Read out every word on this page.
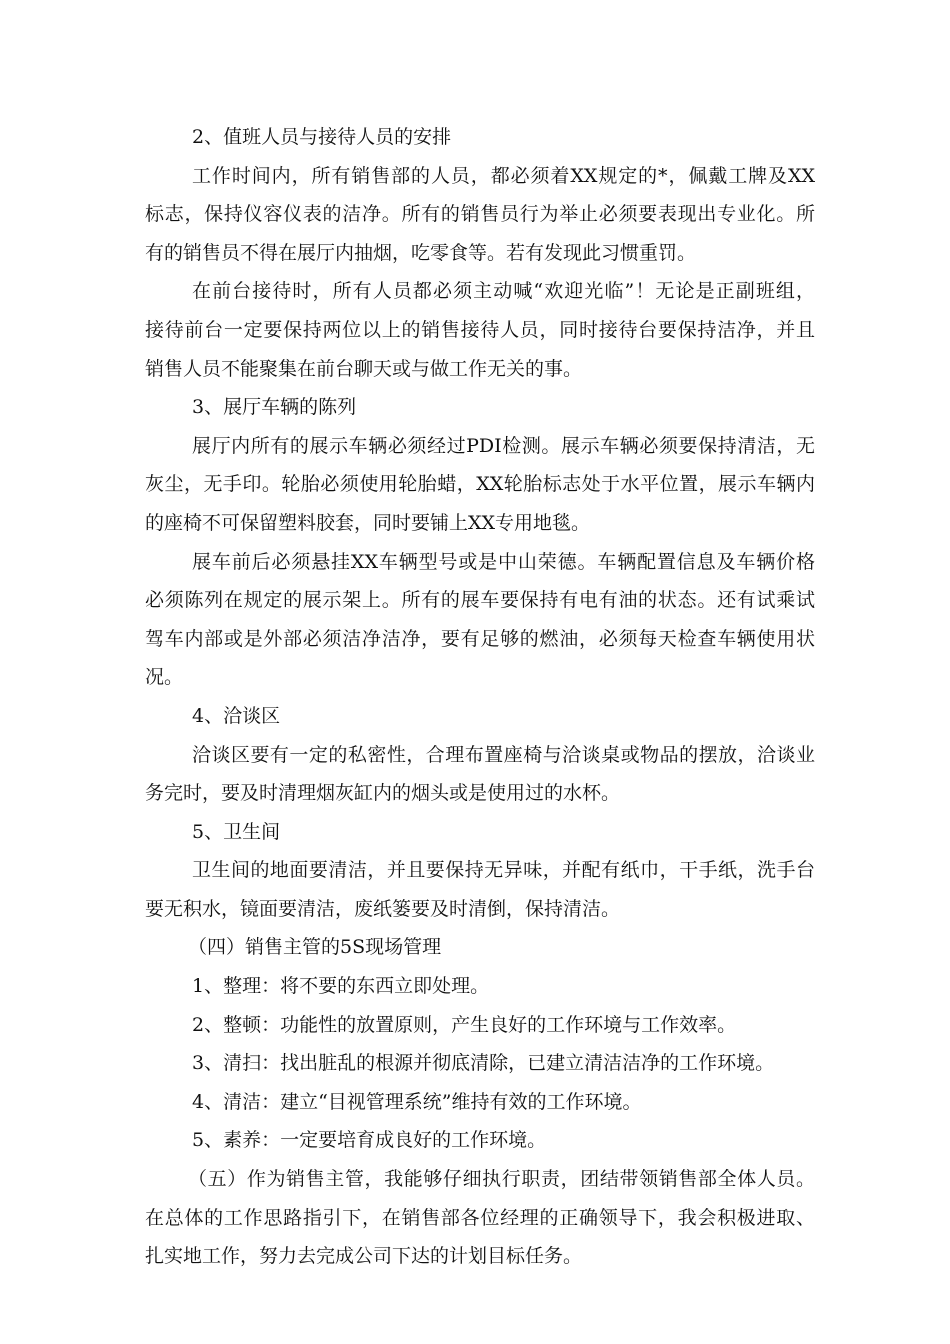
2、值班人员与接待人员的安排
工作时间内，所有销售部的人员，都必须着XX规定的*，佩戴工牌及XX
标志，保持仪容仪表的洁净。所有的销售员行为举止必须要表现出专业化。所
有的销售员不得在展厅内抽烟，吃零食等。若有发现此习惯重罚。
在前台接待时，所有人员都必须主动喊“欢迎光临”！无论是正副班组，
接待前台一定要保持两位以上的销售接待人员，同时接待台要保持洁净，并且
销售人员不能聚集在前台聊天或与做工作无关的事。
3、展厅车辆的陈列
展厅内所有的展示车辆必须经过PDI检测。展示车辆必须要保持清洁，无
灰尘，无手印。轮胎必须使用轮胎蜡，XX轮胎标志处于水平位置，展示车辆内
的座椅不可保留塑料胶套，同时要铺上XX专用地毯。
展车前后必须悬挂XX车辆型号或是中山荣德。车辆配置信息及车辆价格
必须陈列在规定的展示架上。所有的展车要保持有电有油的状态。还有试乘试
驾车内部或是外部必须洁净洁净，要有足够的燃油，必须每天检查车辆使用状
况。
4、洽谈区
洽谈区要有一定的私密性，合理布置座椅与洽谈桌或物品的摆放，洽谈业
务完时，要及时清理烟灰缸内的烟头或是使用过的水杯。
5、卫生间
卫生间的地面要清洁，并且要保持无异味，并配有纸巾，干手纸，洗手台
要无积水，镜面要清洁，废纸篓要及时清倒，保持清洁。
（四）销售主管的5S现场管理
1、整理：将不要的东西立即处理。
2、整顿：功能性的放置原则，产生良好的工作环境与工作效率。
3、清扫：找出脏乱的根源并彻底清除，已建立清洁洁净的工作环境。
4、清洁：建立“目视管理系统”维持有效的工作环境。
5、素养：一定要培育成良好的工作环境。
（五）作为销售主管，我能够仔细执行职责，团结带领销售部全体人员。
在总体的工作思路指引下，在销售部各位经理的正确领导下，我会积极进取、
扎实地工作，努力去完成公司下达的计划目标任务。
